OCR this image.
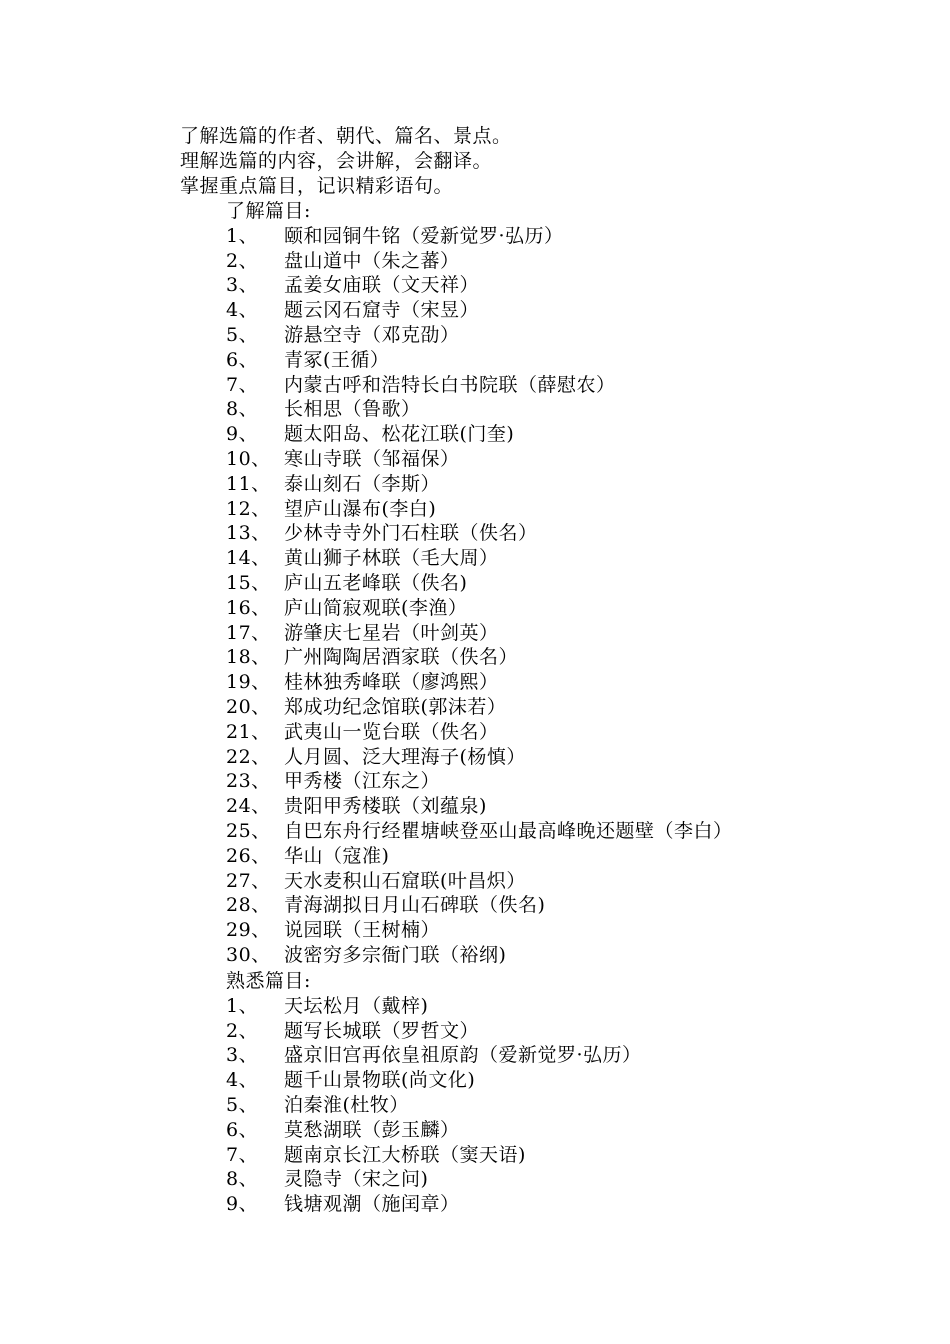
了解选篇的作者、朝代、篇名、景点。
理解选篇的内容，会讲解，会翻译。
掌握重点篇目，记识精彩语句。
了解篇目:
1、	颐和园铜牛铭（爱新觉罗·弘历）
2、	盘山道中（朱之蕃）
3、	孟姜女庙联（文天祥）
4、	题云冈石窟寺（宋昱）
5、	游悬空寺（邓克劭）
6、	青冢(王循）
7、	内蒙古呼和浩特长白书院联（薛慰农）
8、	长相思（鲁歌）
9、	题太阳岛、松花江联(门奎)
10、 寒山寺联（邹福保）
11、 泰山刻石（李斯）
12、 望庐山瀑布(李白)
13、 少林寺寺外门石柱联（佚名）
14、 黄山狮子林联（毛大周）
15、 庐山五老峰联（佚名)
16、 庐山简寂观联(李渔）
17、 游肇庆七星岩（叶剑英）
18、 广州陶陶居酒家联（佚名）
19、 桂林独秀峰联（廖鸿熙）
20、 郑成功纪念馆联(郭沫若）
21、 武夷山一览台联（佚名）
22、 人月圆、泛大理海子(杨慎）
23、 甲秀楼（江东之）
24、 贵阳甲秀楼联（刘蕴泉)
25、 自巴东舟行经瞿塘峡登巫山最高峰晚还题壁（李白）
26、 华山（寇准)
27、 天水麦积山石窟联(叶昌炽）
28、 青海湖拟日月山石碑联（佚名)
29、 说园联（王树楠）
30、 波密穷多宗衙门联（裕纲)
熟悉篇目:
1、	天坛松月（戴梓)
2、	题写长城联（罗哲文）
3、	盛京旧宫再依皇祖原韵（爱新觉罗·弘历）
4、	题千山景物联(尚文化)
5、	泊秦淮(杜牧）
6、	莫愁湖联（彭玉麟）
7、	题南京长江大桥联（窦天语)
8、	灵隐寺（宋之问)
9、	钱塘观潮（施闰章）
